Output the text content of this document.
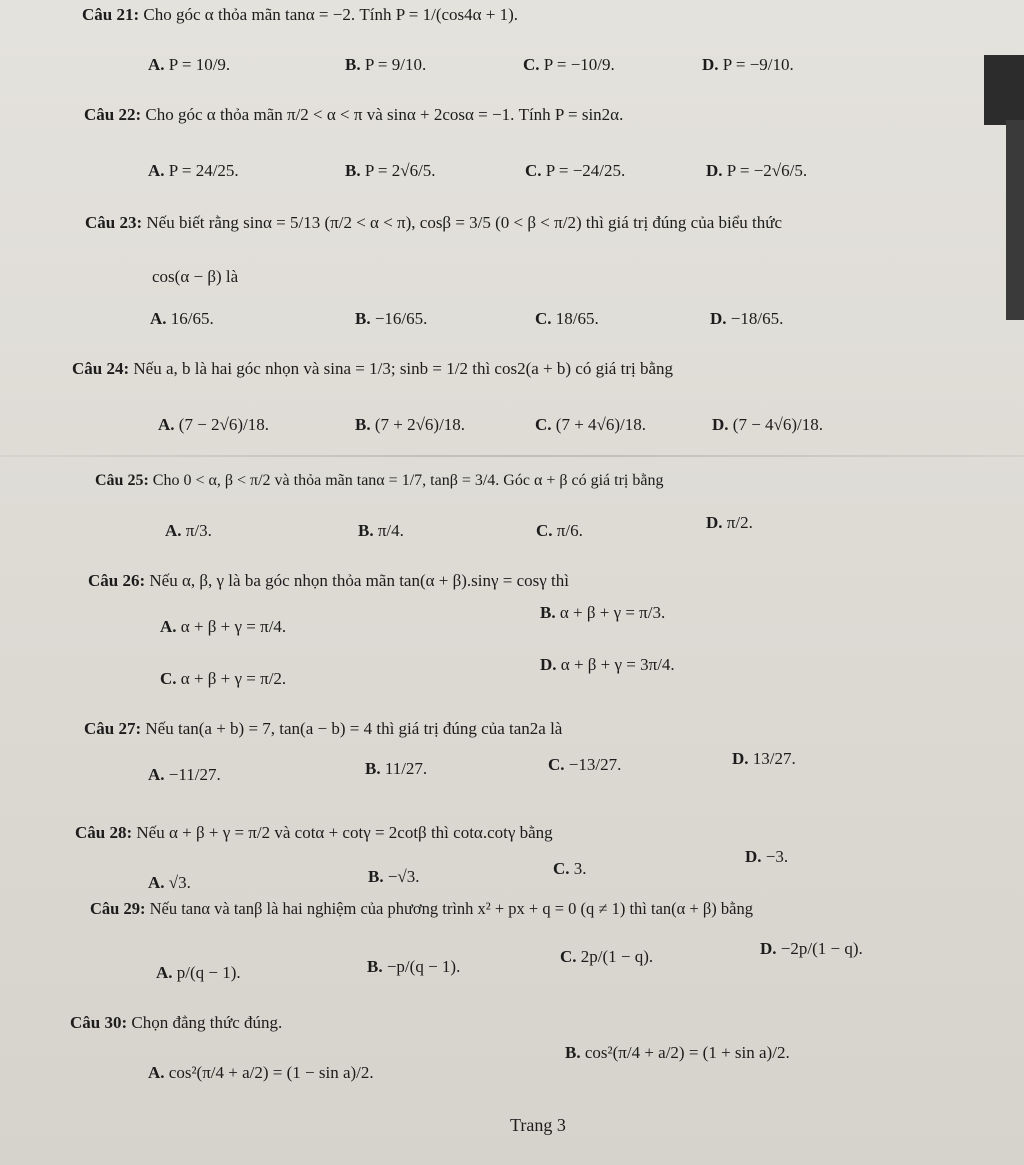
Câu 21: Cho góc α thỏa mãn tanα = −2. Tính P = 1/(cos4α + 1).
A. P = 10/9.	B. P = 9/10.	C. P = −10/9.	D. P = −9/10.
Câu 22: Cho góc α thỏa mãn π/2 < α < π và sinα + 2cosα = −1. Tính P = sin2α.
A. P = 24/25.	B. P = 2√6/5.	C. P = −24/25.	D. P = −2√6/5.
Câu 23: Nếu biết rằng sinα = 5/13 (π/2 < α < π), cosβ = 3/5 (0 < β < π/2) thì giá trị đúng của biểu thức
cos(α − β) là
A. 16/65.	B. −16/65.	C. 18/65.	D. −18/65.
Câu 24: Nếu a, b là hai góc nhọn và sina = 1/3; sinb = 1/2 thì cos2(a + b) có giá trị bằng
A. (7 − 2√6)/18.	B. (7 + 2√6)/18.	C. (7 + 4√6)/18.	D. (7 − 4√6)/18.
Câu 25: Cho 0 < α, β < π/2 và thỏa mãn tanα = 1/7, tanβ = 3/4. Góc α + β có giá trị bằng
A. π/3.	B. π/4.	C. π/6.	D. π/2.
Câu 26: Nếu α, β, γ là ba góc nhọn thỏa mãn tan(α + β).sinγ = cosγ thì
A. α + β + γ = π/4.
B. α + β + γ = π/3.
C. α + β + γ = π/2.
D. α + β + γ = 3π/4.
Câu 27: Nếu tan(a + b) = 7, tan(a − b) = 4 thì giá trị đúng của tan2a là
A. −11/27.	B. 11/27.	C. −13/27.	D. 13/27.
Câu 28: Nếu α + β + γ = π/2 và cotα + cotγ = 2cotβ thì cotα.cotγ bằng
A. √3.	B. −√3.	C. 3.
D. −3.
Câu 29: Nếu tanα và tanβ là hai nghiệm của phương trình x² + px + q = 0 (q ≠ 1) thì tan(α + β) bằng
A. p/(q − 1).	B. −p/(q − 1).
C. 2p/(1 − q).	D. −2p/(1 − q).
Câu 30: Chọn đẳng thức đúng.
A. cos²(π/4 + a/2) = (1 − sin a)/2.
B. cos²(π/4 + a/2) = (1 + sin a)/2.
Trang 3
